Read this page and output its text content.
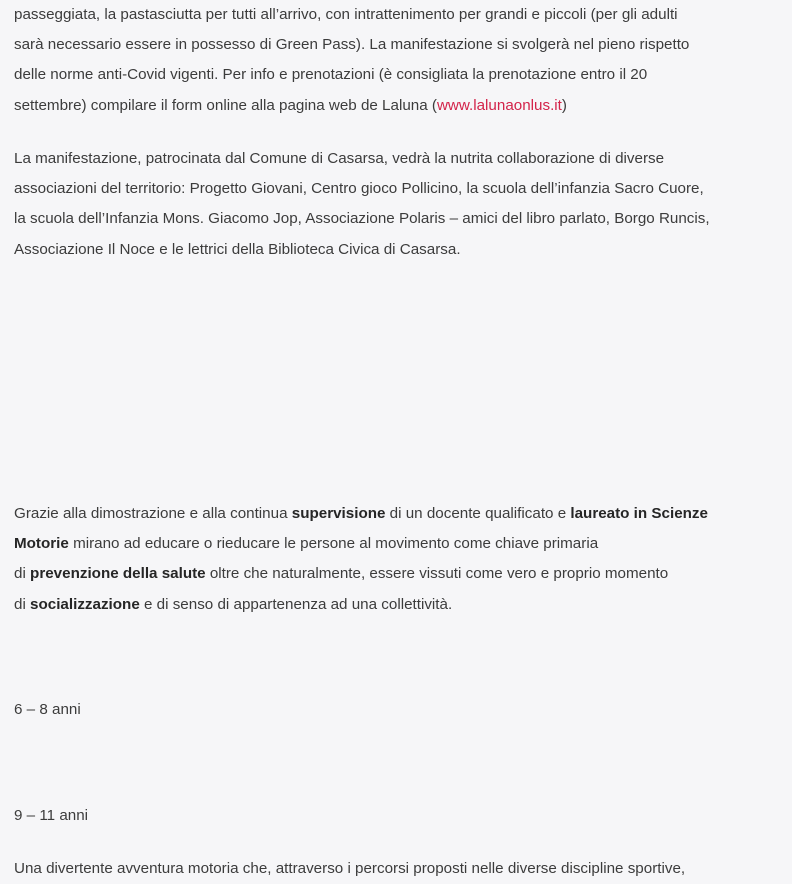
passeggiata, la pastasciutta per tutti all’arrivo, con intrattenimento per grandi e piccoli (per gli adulti
sarà necessario essere in possesso di Green Pass). La manifestazione si svolgerà nel pieno rispetto
delle norme anti-Covid vigenti. Per info e prenotazioni (è consigliata la prenotazione entro il 20
settembre) compilare il form online alla pagina web de Laluna (www.lalunaonlus.it)

La manifestazione, patrocinata dal Comune di Casarsa, vedrà la nutrita collaborazione di diverse
associazioni del territorio: Progetto Giovani, Centro gioco Pollicino, la scuola dell’infanzia Sacro Cuore,
la scuola dell’Infanzia Mons. Giacomo Jop, Associazione Polaris – amici del libro parlato, Borgo Runcis,
Associazione Il Noce e le lettrici della Biblioteca Civica di Casarsa.

Grazie alla dimostrazione e alla continua supervisione di un docente qualificato e laureato in Scienze
Motorie mirano ad educare o rieducare le persone al movimento come chiave primaria
di prevenzione della salute oltre che naturalmente, essere vissuti come vero e proprio momento
di socializzazione e di senso di appartenenza ad una collettività.

6 – 8 anni

9 – 11 anni

Una divertente avventura motoria che, attraverso i percorsi proposti nelle diverse discipline sportive,
